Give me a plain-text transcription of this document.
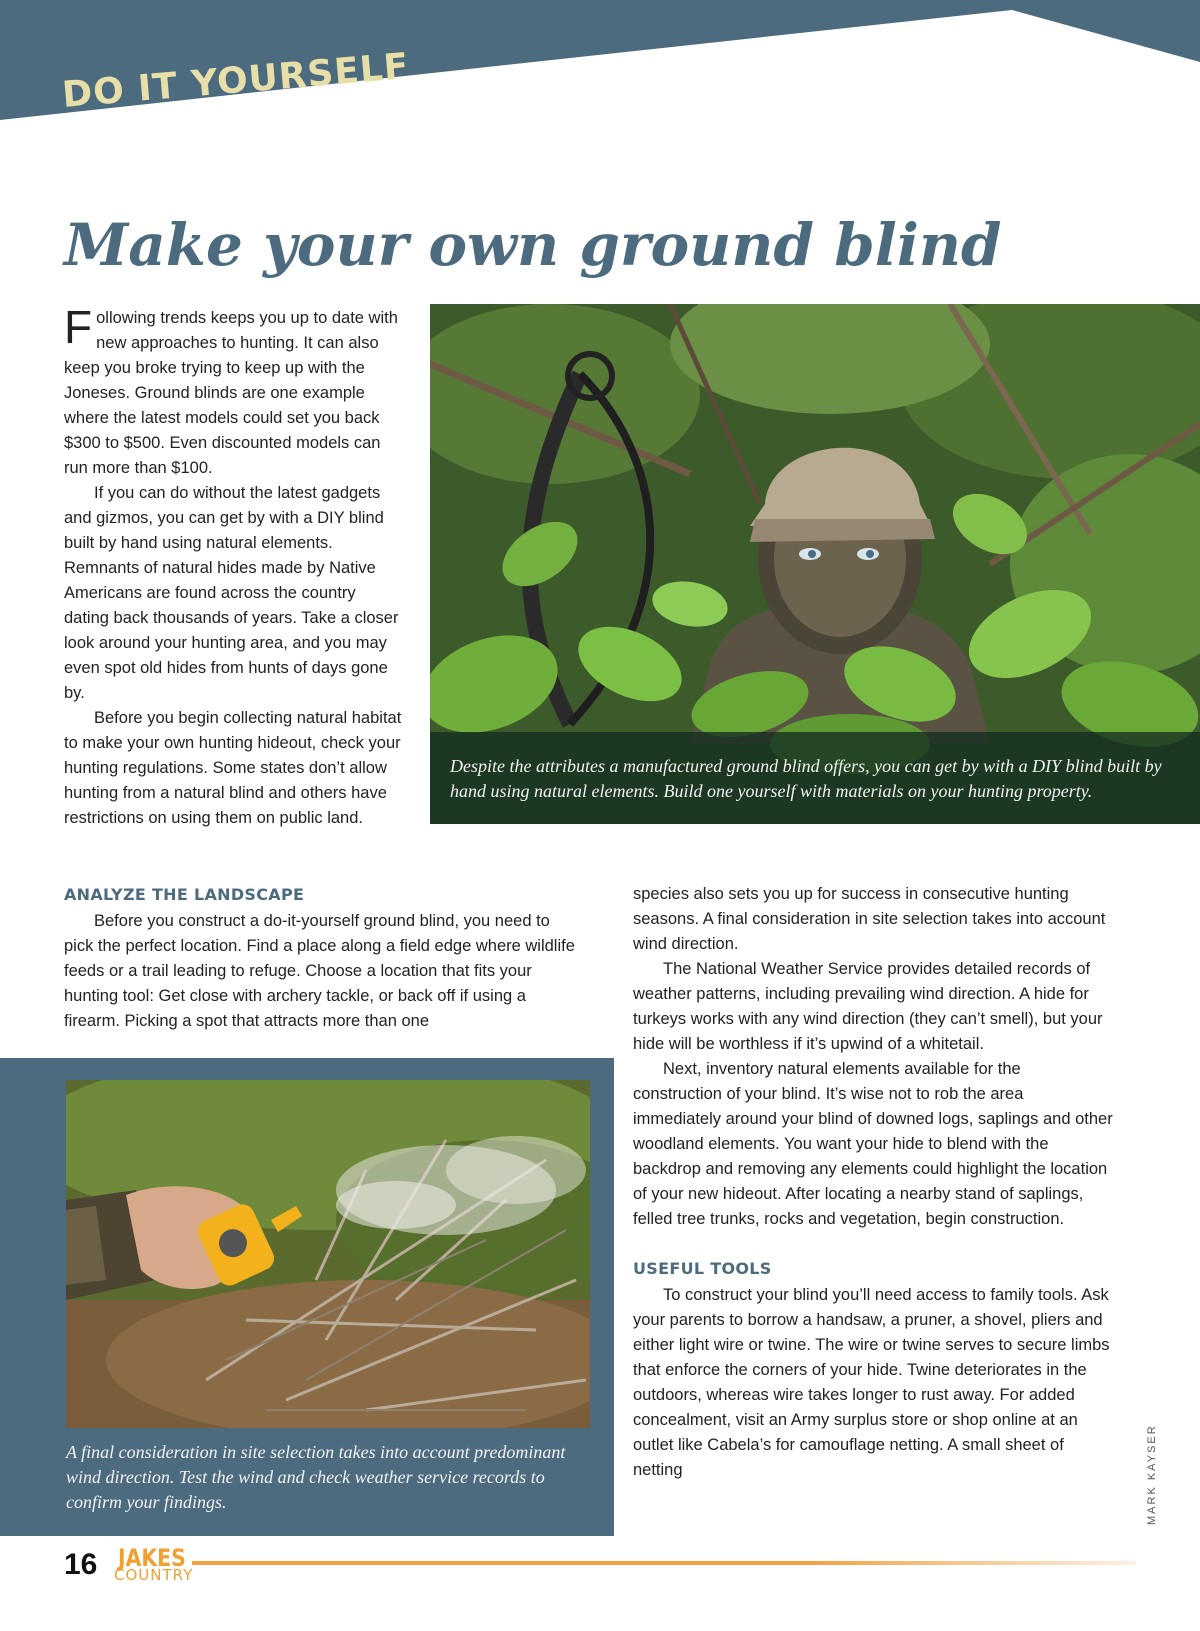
DO IT YOURSELF
Make your own ground blind

Following trends keeps you up to date with new approaches to hunting. It can also keep you broke trying to keep up with the Joneses. Ground blinds are one example where the latest models could set you back $300 to $500. Even discounted models can run more than $100.

If you can do without the latest gadgets and gizmos, you can get by with a DIY blind built by hand using natural elements. Remnants of natural hides made by Native Americans are found across the country dating back thousands of years. Take a closer look around your hunting area, and you may even spot old hides from hunts of days gone by.

Before you begin collecting natural habitat to make your own hunting hideout, check your hunting regulations. Some states don’t allow hunting from a natural blind and others have restrictions on using them on public land.

Despite the attributes a manufactured ground blind offers, you can get by with a DIY blind built by hand using natural elements. Build one yourself with materials on your hunting property.
ANALYZE THE LANDSCAPE

Before you construct a do-it-yourself ground blind, you need to pick the perfect location. Find a place along a field edge where wildlife feeds or a trail leading to refuge. Choose a location that fits your hunting tool: Get close with archery tackle, or back off if using a firearm. Picking a spot that attracts more than one

species also sets you up for success in consecutive hunting seasons. A final consideration in site selection takes into account wind direction.

The National Weather Service provides detailed records of weather patterns, including prevailing wind direction. A hide for turkeys works with any wind direction (they can’t smell), but your hide will be worthless if it’s upwind of a whitetail.

Next, inventory natural elements available for the construction of your blind. It’s wise not to rob the area immediately around your blind of downed logs, saplings and other woodland elements. You want your hide to blend with the backdrop and removing any elements could highlight the location of your new hideout. After locating a nearby stand of saplings, felled tree trunks, rocks and vegetation, begin construction.

USEFUL TOOLS

To construct your blind you’ll need access to family tools. Ask your parents to borrow a handsaw, a pruner, a shovel, pliers and either light wire or twine. The wire or twine serves to secure limbs that enforce the corners of your hide. Twine deteriorates in the outdoors, whereas wire takes longer to rust away. For added concealment, visit an Army surplus store or shop online at an outlet like Cabela’s for camouflage netting. A small sheet of netting

A final consideration in site selection takes into account predominant wind direction. Test the wind and check weather service records to confirm your findings.	MARK KAYSER
16 JAKES
COUNTRY
